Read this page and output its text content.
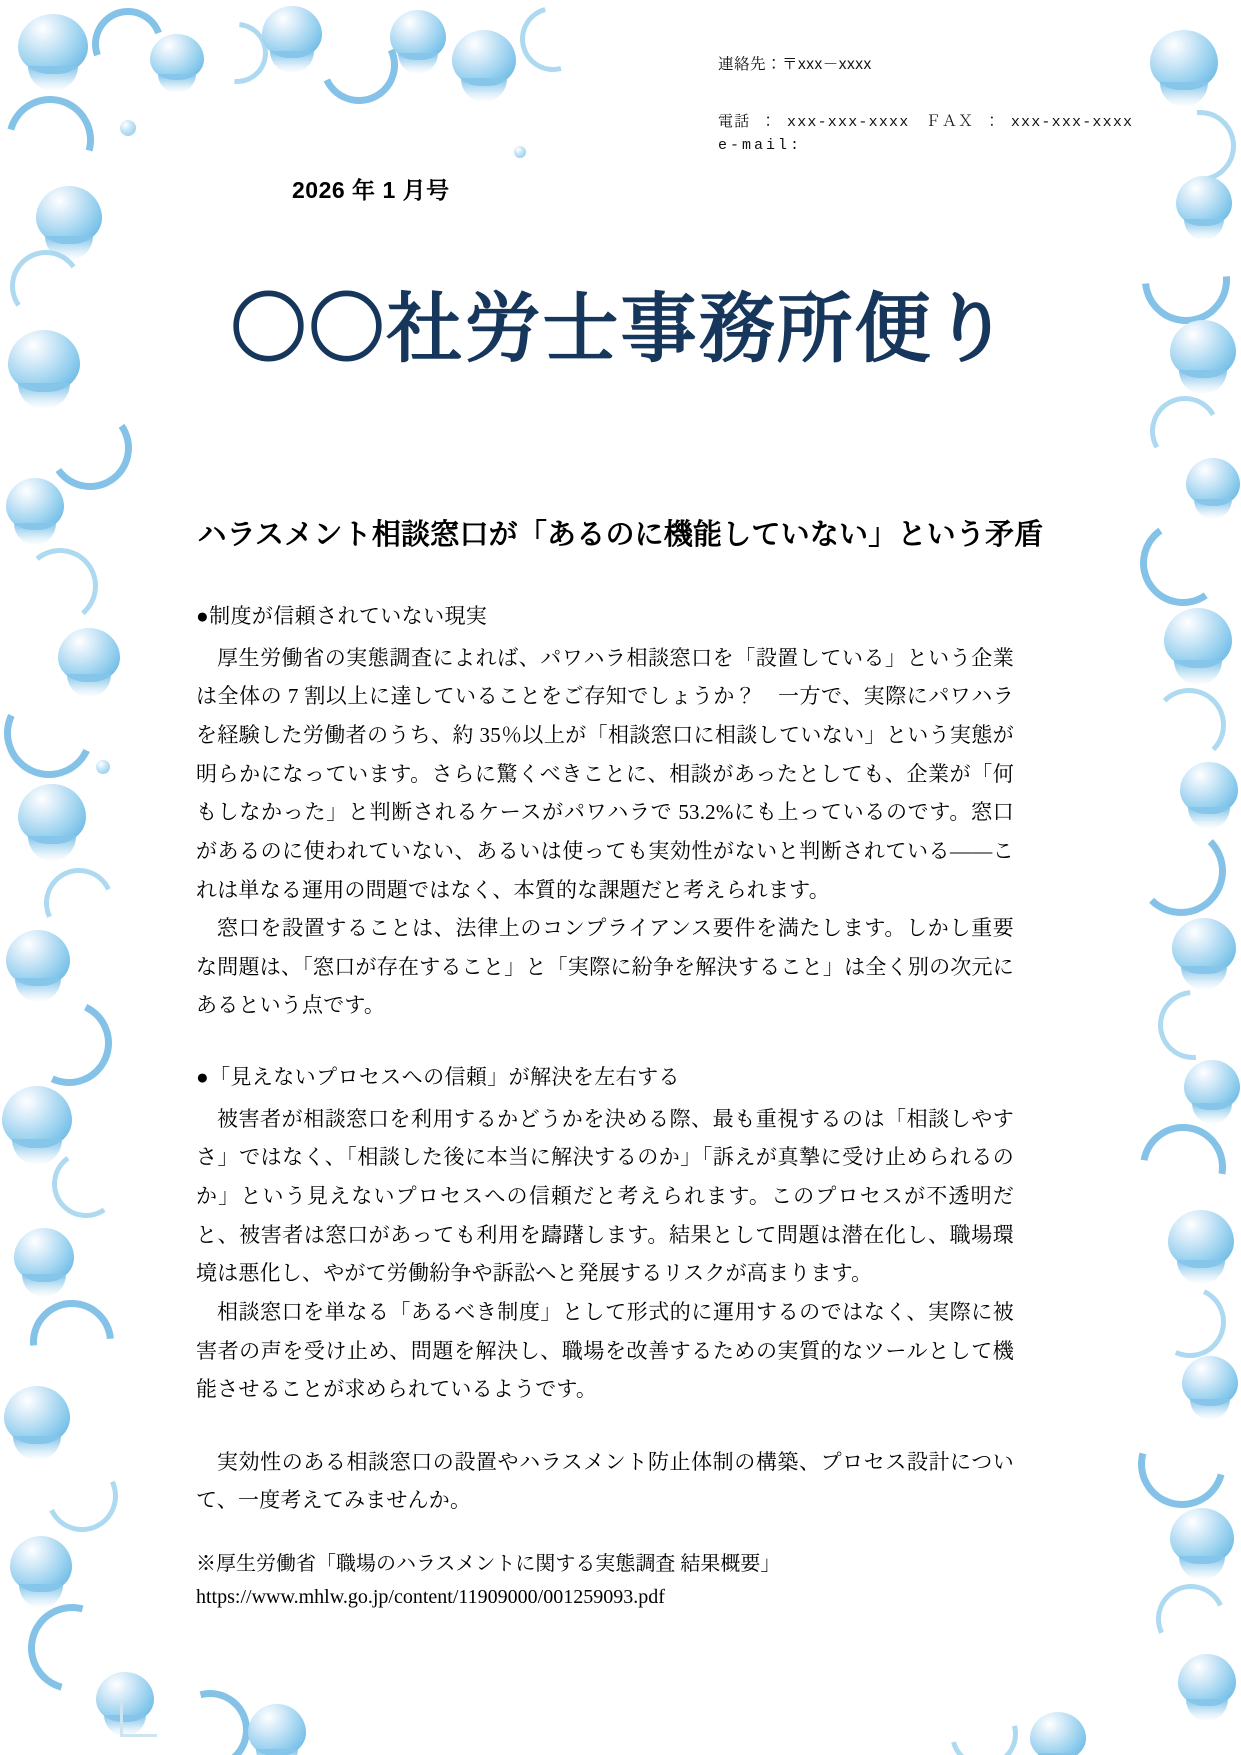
連絡先：〒xxx－xxxx
電話 ： xxx-xxx-xxxx　ＦＡＸ ： xxx-xxx-xxxx
e-mail:
2026 年 1 月号
〇〇社労士事務所便り
ハラスメント相談窓口が「あるのに機能していない」という矛盾
●制度が信頼されていない現実

厚生労働省の実態調査によれば、パワハラ相談窓口を「設置している」という企業は全体の 7 割以上に達していることをご存知でしょうか？　一方で、実際にパワハラを経験した労働者のうち、約 35％以上が「相談窓口に相談していない」という実態が明らかになっています。さらに驚くべきことに、相談があったとしても、企業が「何もしなかった」と判断されるケースがパワハラで 53.2%にも上っているのです。窓口があるのに使われていない、あるいは使っても実効性がないと判断されている——これは単なる運用の問題ではなく、本質的な課題だと考えられます。

窓口を設置することは、法律上のコンプライアンス要件を満たします。しかし重要な問題は、「窓口が存在すること」と「実際に紛争を解決すること」は全く別の次元にあるという点です。

●「見えないプロセスへの信頼」が解決を左右する

被害者が相談窓口を利用するかどうかを決める際、最も重視するのは「相談しやすさ」ではなく、「相談した後に本当に解決するのか」「訴えが真摯に受け止められるのか」という見えないプロセスへの信頼だと考えられます。このプロセスが不透明だと、被害者は窓口があっても利用を躊躇します。結果として問題は潜在化し、職場環境は悪化し、やがて労働紛争や訴訟へと発展するリスクが高まります。

相談窓口を単なる「あるべき制度」として形式的に運用するのではなく、実際に被害者の声を受け止め、問題を解決し、職場を改善するための実質的なツールとして機能させることが求められているようです。

実効性のある相談窓口の設置やハラスメント防止体制の構築、プロセス設計について、一度考えてみませんか。

※厚生労働省「職場のハラスメントに関する実態調査 結果概要」

https://www.mhlw.go.jp/content/11909000/001259093.pdf
